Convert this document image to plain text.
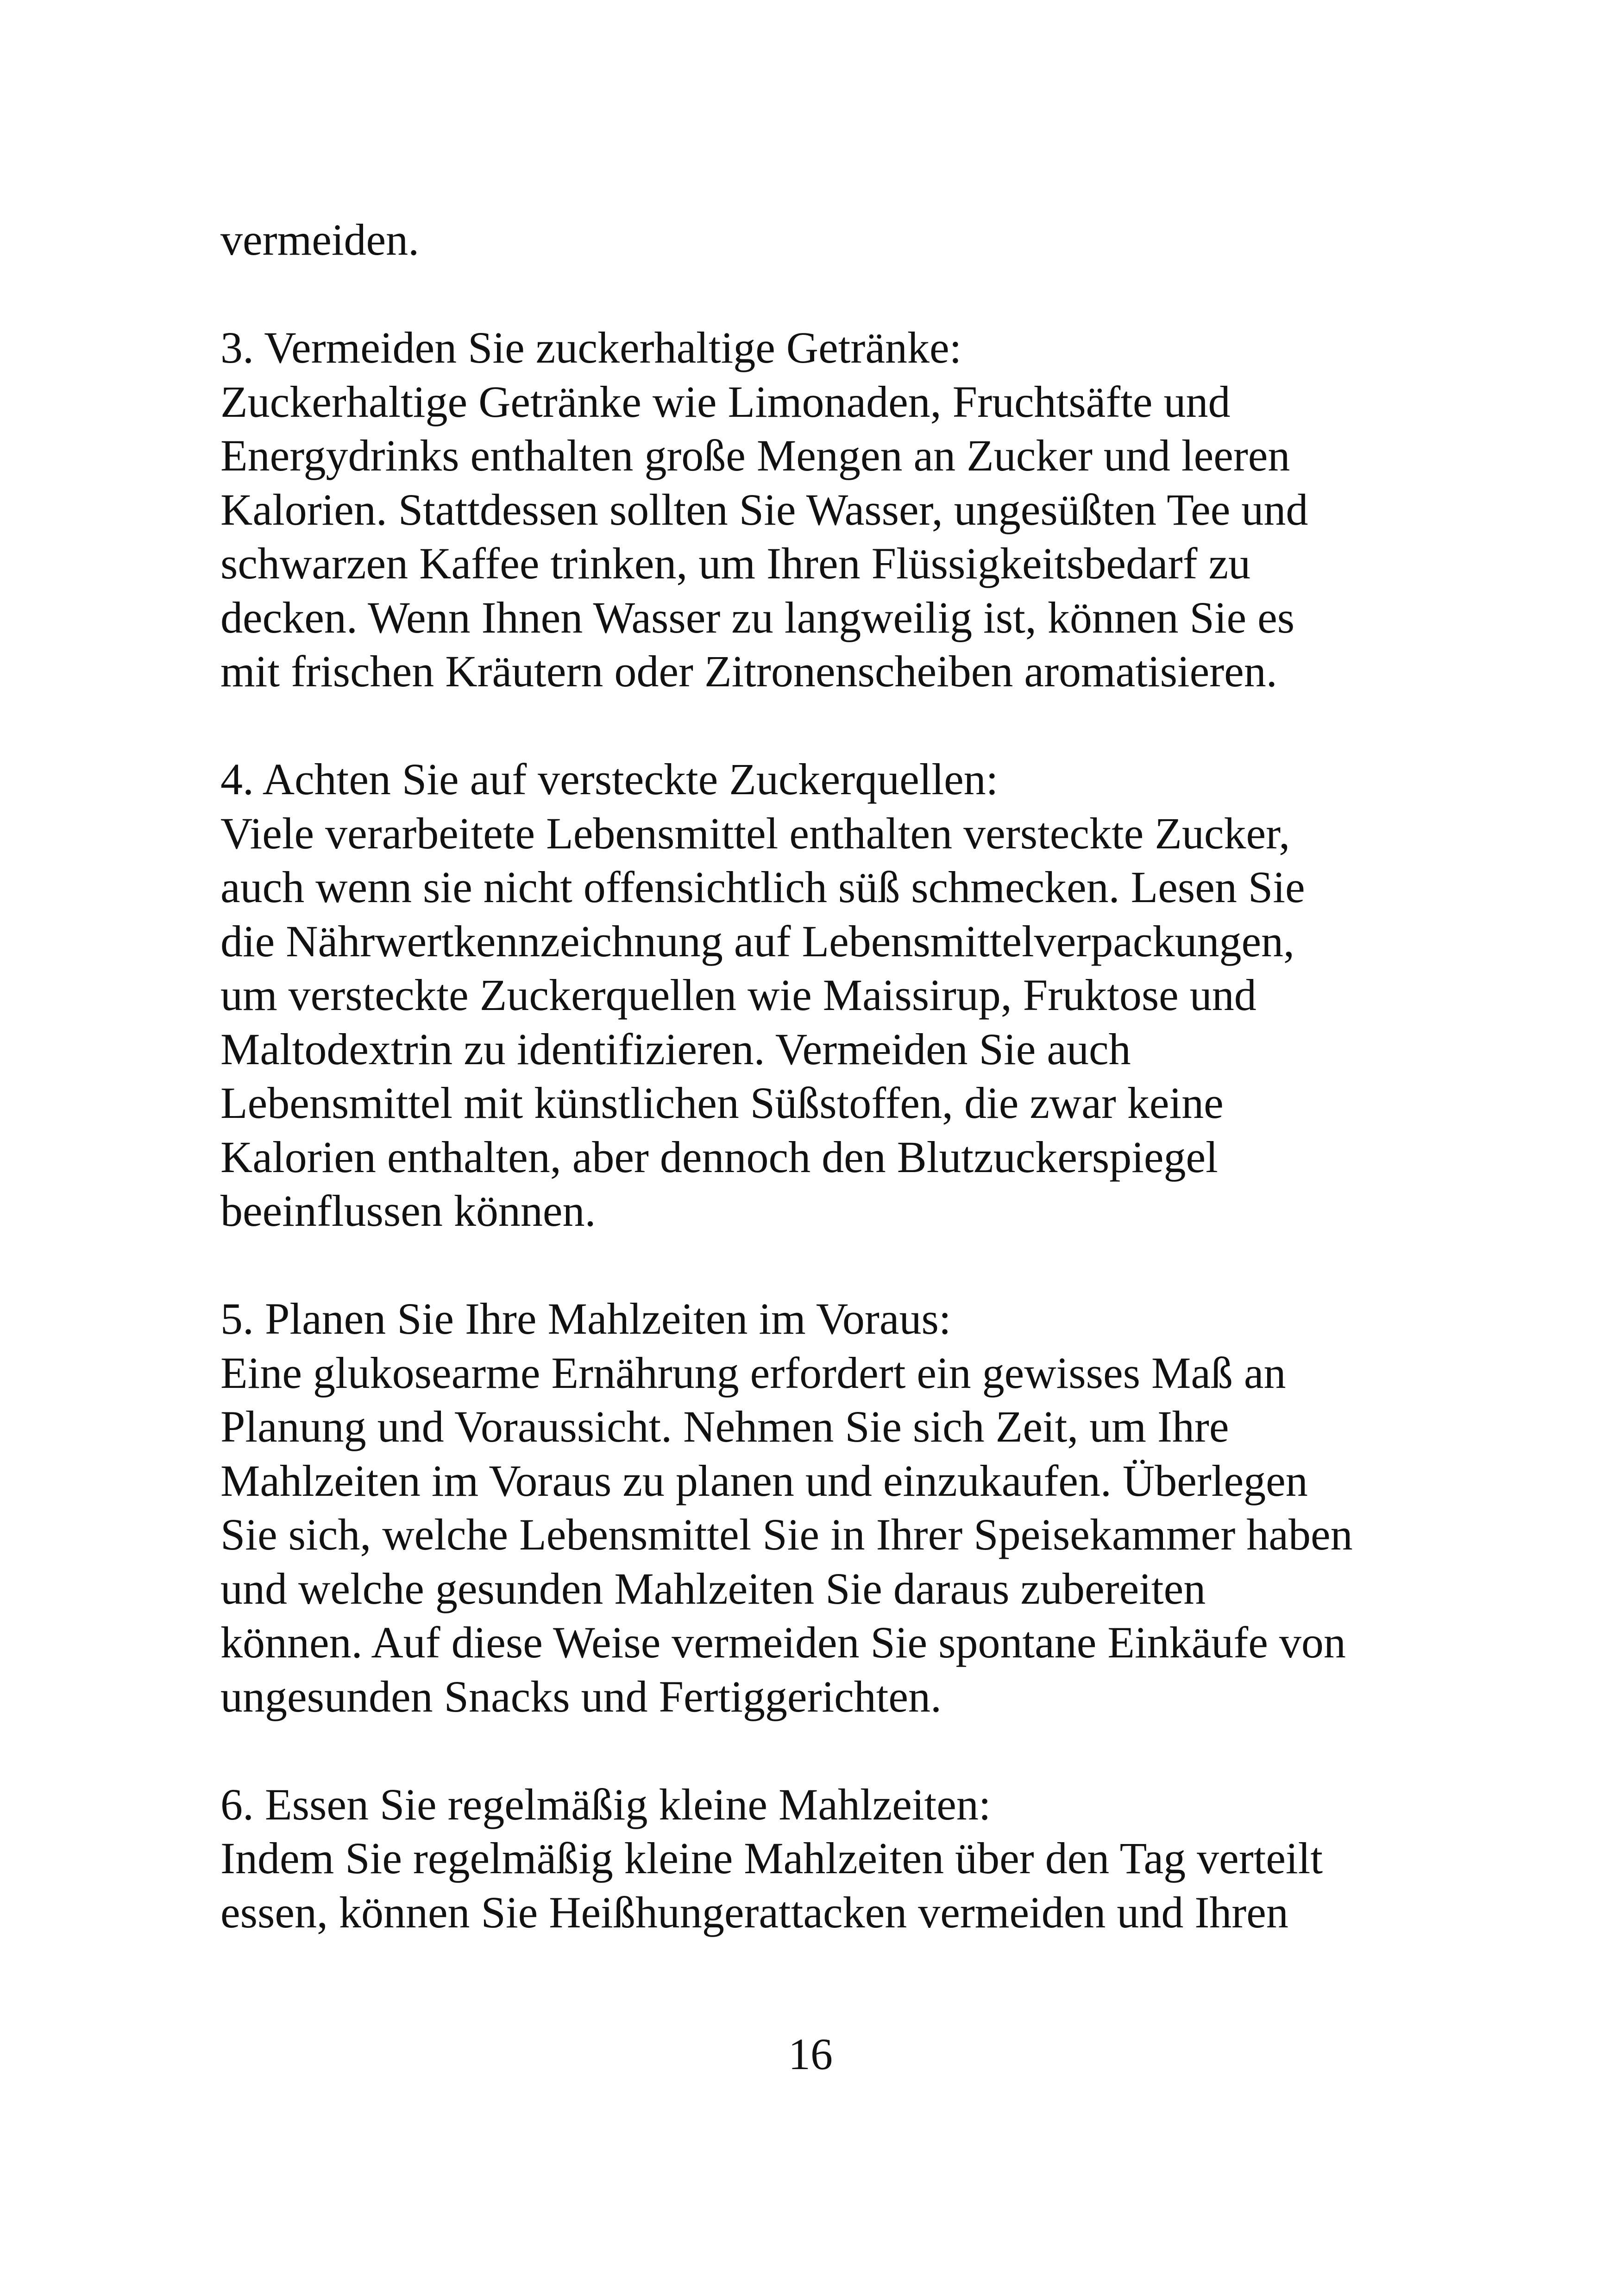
vermeiden.
3. Vermeiden Sie zuckerhaltige Getränke:
Zuckerhaltige Getränke wie Limonaden, Fruchtsäfte und
Energydrinks enthalten große Mengen an Zucker und leeren
Kalorien. Stattdessen sollten Sie Wasser, ungesüßten Tee und
schwarzen Kaffee trinken, um Ihren Flüssigkeitsbedarf zu
decken. Wenn Ihnen Wasser zu langweilig ist, können Sie es
mit frischen Kräutern oder Zitronenscheiben aromatisieren.
4. Achten Sie auf versteckte Zuckerquellen:
Viele verarbeitete Lebensmittel enthalten versteckte Zucker,
auch wenn sie nicht offensichtlich süß schmecken. Lesen Sie
die Nährwertkennzeichnung auf Lebensmittelverpackungen,
um versteckte Zuckerquellen wie Maissirup, Fruktose und
Maltodextrin zu identifizieren. Vermeiden Sie auch
Lebensmittel mit künstlichen Süßstoffen, die zwar keine
Kalorien enthalten, aber dennoch den Blutzuckerspiegel
beeinflussen können.
5. Planen Sie Ihre Mahlzeiten im Voraus:
Eine glukosearme Ernährung erfordert ein gewisses Maß an
Planung und Voraussicht. Nehmen Sie sich Zeit, um Ihre
Mahlzeiten im Voraus zu planen und einzukaufen. Überlegen
Sie sich, welche Lebensmittel Sie in Ihrer Speisekammer haben
und welche gesunden Mahlzeiten Sie daraus zubereiten
können. Auf diese Weise vermeiden Sie spontane Einkäufe von
ungesunden Snacks und Fertiggerichten.
6. Essen Sie regelmäßig kleine Mahlzeiten:
Indem Sie regelmäßig kleine Mahlzeiten über den Tag verteilt
essen, können Sie Heißhungerattacken vermeiden und Ihren
16
